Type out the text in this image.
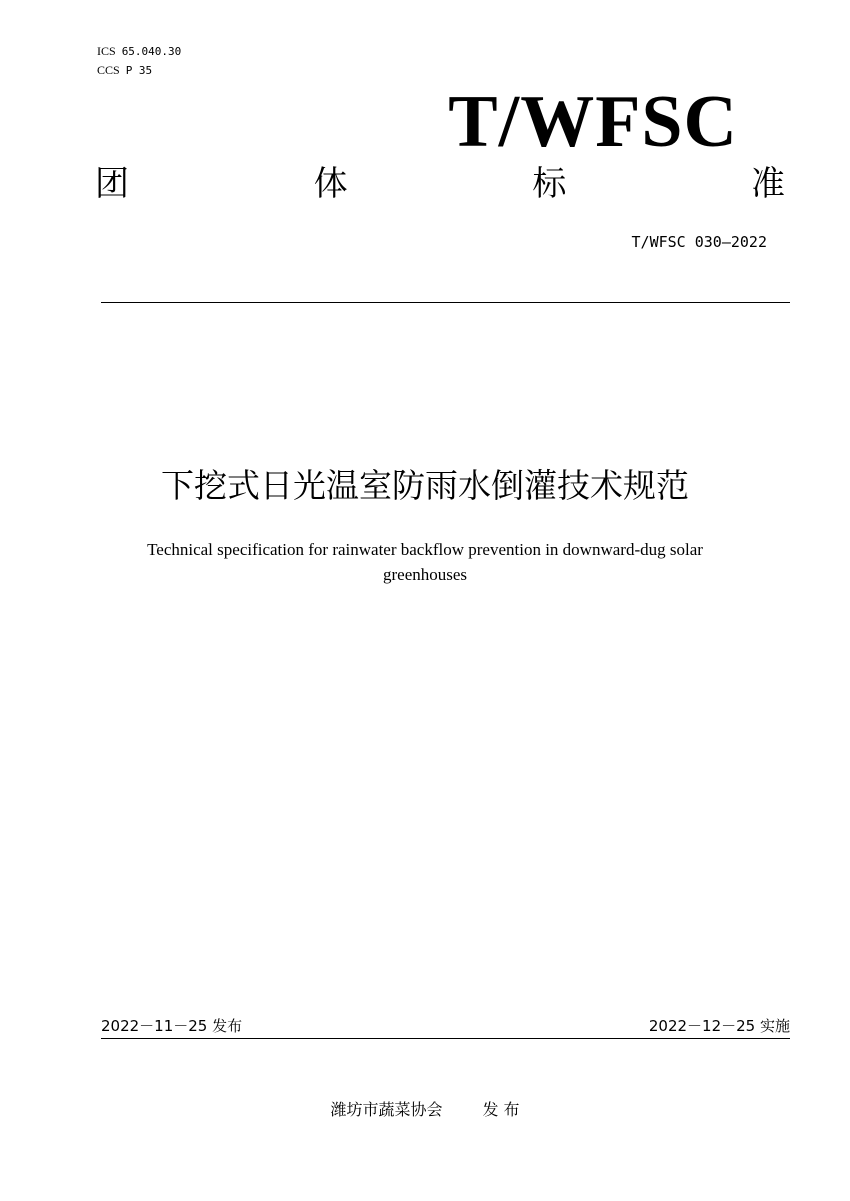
ICS 65.040.30
CCS P 35
T/WFSC
团	体	标	准
T/WFSC 030—2022
下挖式日光温室防雨水倒灌技术规范
Technical specification for rainwater backflow prevention in downward-dug solar greenhouses
2022－11－25 发布	2022－12－25 实施
潍坊市蔬菜协会	发 布
